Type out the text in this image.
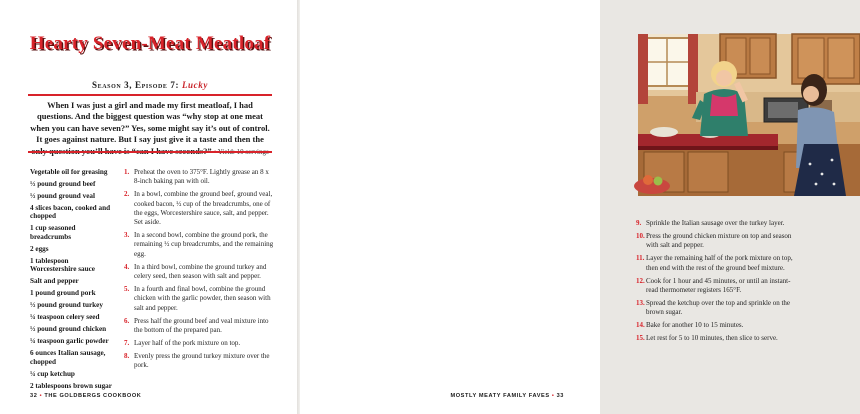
Hearty Seven-Meat Meatloaf
Season 3, Episode 7: Lucky
When I was just a girl and made my first meatloaf, I had questions. And the biggest question was “why stop at one meat when you can have seven?” Yes, some might say it’s out of control. It goes against nature. But I say just give it a taste and then the
Vegetable oil for greasing
½ pound ground beef
½ pound ground veal
4 slices bacon, cooked and chopped
1 cup seasoned breadcrumbs
2 eggs
1 tablespoon Worcestershire sauce
Salt and pepper
1 pound ground pork
½ pound ground turkey
¼ teaspoon celery seed
½ pound ground chicken
¼ teaspoon garlic powder
6 ounces Italian sausage, chopped
¼ cup ketchup
2 tablespoons brown sugar
1. Preheat the oven to 375°F. Lightly grease an 8 x 8-inch baking pan with oil.
2. In a bowl, combine the ground beef, ground veal, cooked bacon, ½ cup of the breadcrumbs, one of the eggs, Worcestershire sauce, salt, and pepper. Set aside.
3. In a second bowl, combine the ground pork, the remaining ½ cup breadcrumbs, and the remaining egg.
4. In a third bowl, combine the ground turkey and celery seed, then season with salt and pepper.
5. In a fourth and final bowl, combine the ground chicken with the garlic powder, then season with salt and pepper.
6. Press half the ground beef and veal mixture into the bottom of the prepared pan.
7. Layer half of the pork mixture on top.
8. Evenly press the ground turkey mixture over the pork.
32 • THE GOLDBERGS COOKBOOK
9. Sprinkle the Italian sausage over the turkey layer.
10. Press the ground chicken mixture on top and season with salt and pepper.
11. Layer the remaining half of the pork mixture on top, then end with the rest of the ground beef mixture.
12. Cook for 1 hour and 45 minutes, or until an instant-read thermometer registers 165°F.
13. Spread the ketchup over the top and sprinkle on the brown sugar.
14. Bake for another 10 to 15 minutes.
15. Let rest for 5 to 10 minutes, then slice to serve.
MOSTLY MEATY FAMILY FAVES • 33
